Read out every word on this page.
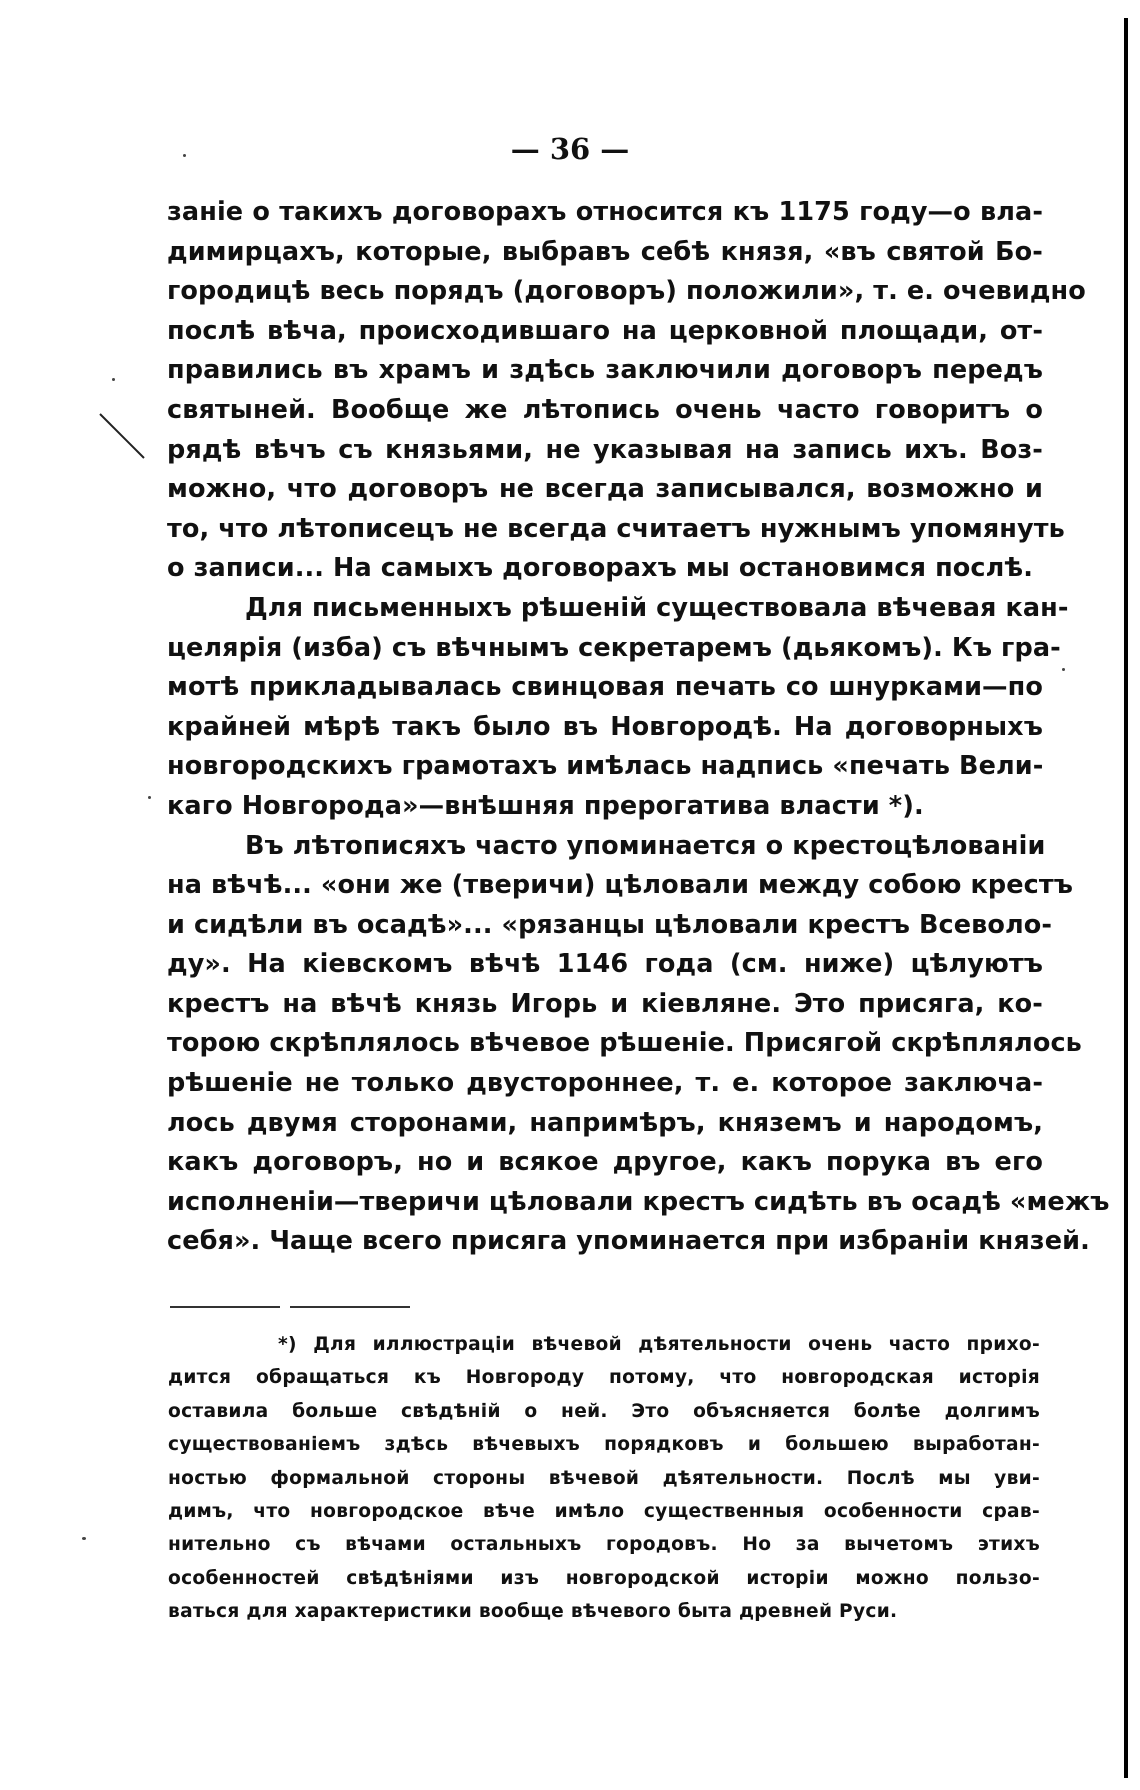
— 36 —
заніе о такихъ договорахъ относится къ 1175 году—о вла-
димирцахъ, которые, выбравъ себѣ князя, «въ святой Бо-
городицѣ весь порядъ (договоръ) положили», т. е. очевидно
послѣ вѣча, происходившаго на церковной площади, от-
правились въ храмъ и здѣсь заключили договоръ передъ
святыней. Вообще же лѣтопись очень часто говоритъ о
рядѣ вѣчъ съ князьями, не указывая на запись ихъ. Воз-
можно, что договоръ не всегда записывался, возможно и
то, что лѣтописецъ не всегда считаетъ нужнымъ упомянуть
о записи... На самыхъ договорахъ мы остановимся послѣ.
Для письменныхъ рѣшеній существовала вѣчевая кан-
целярія (изба) съ вѣчнымъ секретаремъ (дьякомъ). Къ гра-
мотѣ прикладывалась свинцовая печать со шнурками—по
крайней мѣрѣ такъ было въ Новгородѣ. На договорныхъ
новгородскихъ грамотахъ имѣлась надпись «печать Вели-
каго Новгорода»—внѣшняя прерогатива власти *).
Въ лѣтописяхъ часто упоминается о крестоцѣлованіи
на вѣчѣ... «они же (тверичи) цѣловали между собою крестъ
и сидѣли въ осадѣ»... «рязанцы цѣловали крестъ Всеволо-
ду». На кіевскомъ вѣчѣ 1146 года (см. ниже) цѣлуютъ
крестъ на вѣчѣ князь Игорь и кіевляне. Это присяга, ко-
торою скрѣплялось вѣчевое рѣшеніе. Присягой скрѣплялось
рѣшеніе не только двустороннее, т. е. которое заключа-
лось двумя сторонами, напримѣръ, княземъ и народомъ,
какъ договоръ, но и всякое другое, какъ порука въ его
исполненіи—тверичи цѣловали крестъ сидѣть въ осадѣ «межъ
себя». Чаще всего присяга упоминается при избраніи князей.
*) Для иллюстраціи вѣчевой дѣятельности очень часто прихо-
дится обращаться къ Новгороду потому, что новгородская исторія
оставила больше свѣдѣній о ней. Это объясняется болѣе долгимъ
существованіемъ здѣсь вѣчевыхъ порядковъ и большею выработан-
ностью формальной стороны вѣчевой дѣятельности. Послѣ мы уви-
димъ, что новгородское вѣче имѣло существенныя особенности срав-
нительно съ вѣчами остальныхъ городовъ. Но за вычетомъ этихъ
особенностей свѣдѣніями изъ новгородской исторіи можно пользо-
ваться для характеристики вообще вѣчевого быта древней Руси.
